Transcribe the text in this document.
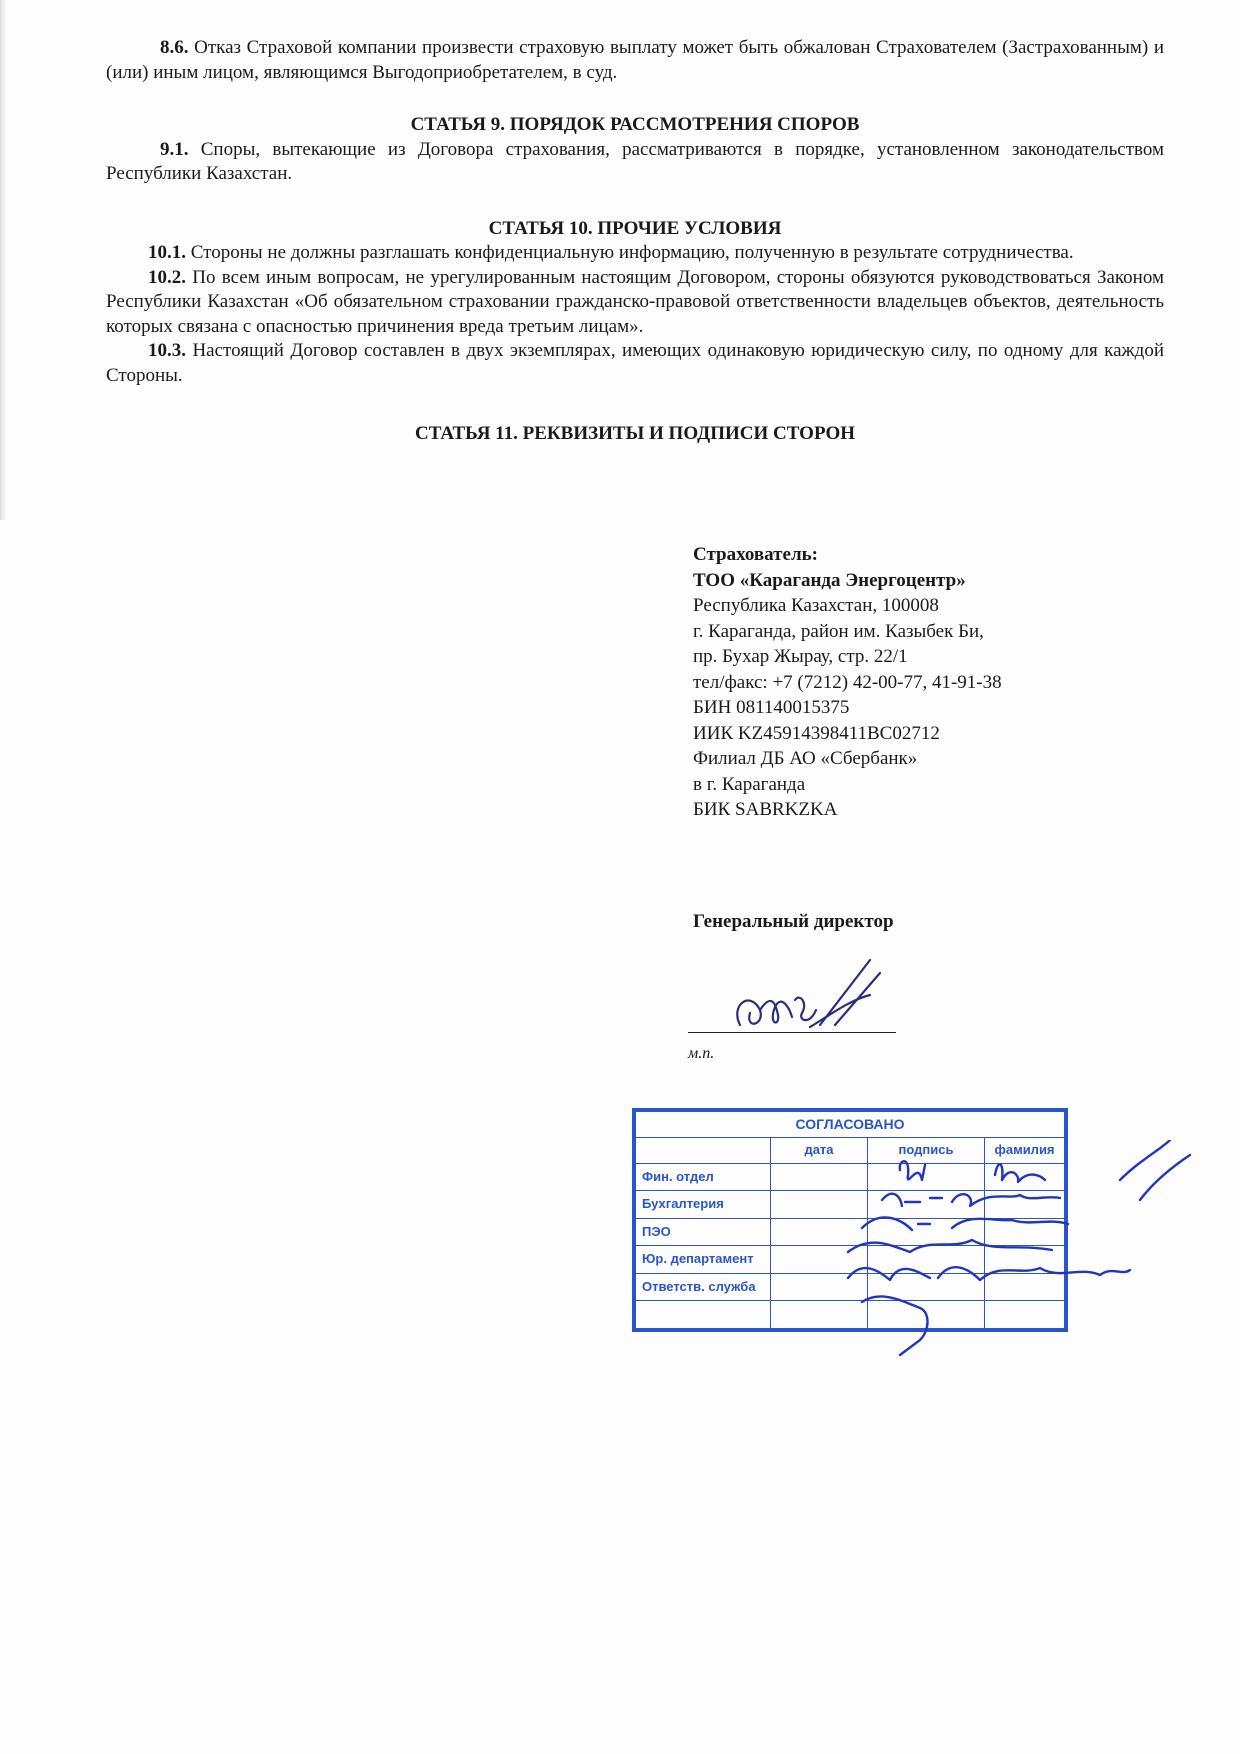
8.6. Отказ Страховой компании произвести страховую выплату может быть обжалован Страхователем (Застрахованным) и (или) иным лицом, являющимся Выгодоприобретателем, в суд.

СТАТЬЯ 9. ПОРЯДОК РАССМОТРЕНИЯ СПОРОВ

9.1. Споры, вытекающие из Договора страхования, рассматриваются в порядке, установленном законодательством Республики Казахстан.

СТАТЬЯ 10. ПРОЧИЕ УСЛОВИЯ

10.1. Стороны не должны разглашать конфиденциальную информацию, полученную в результате сотрудничества.

10.2. По всем иным вопросам, не урегулированным настоящим Договором, стороны обязуются руководствоваться Законом Республики Казахстан «Об обязательном страховании гражданско-правовой ответственности владельцев объектов, деятельность которых связана с опасностью причинения вреда третьим лицам».

10.3. Настоящий Договор составлен в двух экземплярах, имеющих одинаковую юридическую силу, по одному для каждой Стороны.

СТАТЬЯ 11. РЕКВИЗИТЫ И ПОДПИСИ СТОРОН

Страхователь:
ТОО «Караганда Энергоцентр»
Республика Казахстан, 100008
г. Караганда, район им. Казыбек Би,
пр. Бухар Жырау, стр. 22/1
тел/факс: +7 (7212) 42-00-77, 41-91-38
БИН 081140015375
ИИК KZ45914398411BC02712
Филиал ДБ АО «Сбербанк»
в г. Караганда
БИК SABRKZKA
Генеральный директор
м.п.
СОГЛАСОВАНО			
	дата	подпись	фамилия
Фин. отдел			
Бухгалтерия			
ПЭО			
Юр. департамент			
Ответств. служба			
